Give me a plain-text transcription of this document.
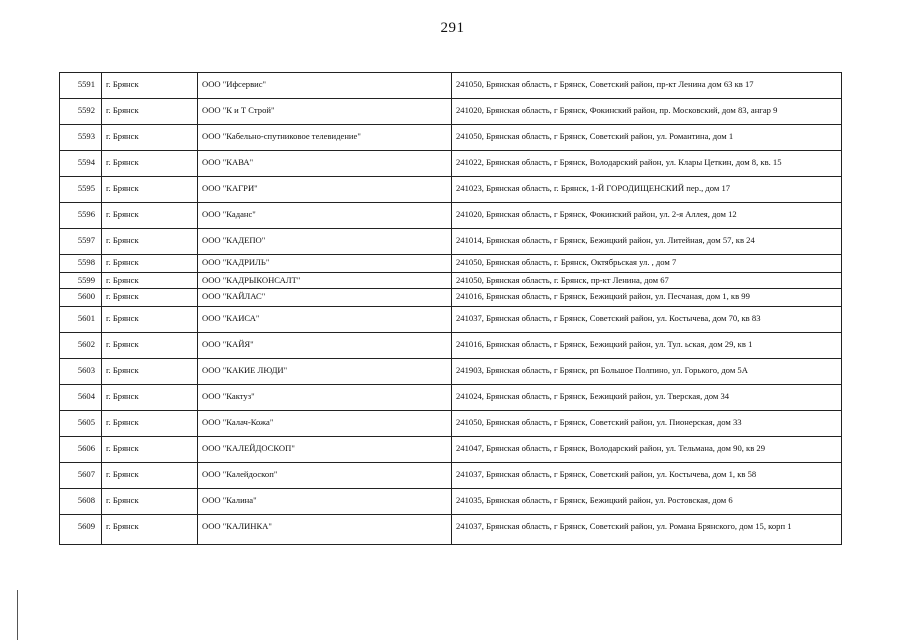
291
5591	г. Брянск	ООО "Ифсервис"	241050, Брянская область, г Брянск, Советский район, пр-кт Ленина дом 63 кв 17
5592	г. Брянск	ООО "К и Т Строй"	241020, Брянская область, г Брянск, Фокинский район, пр. Московский, дом 83, ангар 9
5593	г. Брянск	ООО "Кабельно-спутниковое телевидение"	241050, Брянская область, г Брянск, Советский район, ул. Романтина, дом 1
5594	г. Брянск	ООО "КАВА"	241022, Брянская область, г Брянск, Володарский район, ул. Клары Цеткин, дом 8, кв. 15
5595	г. Брянск	ООО "КАГРИ"	241023, Брянская область, г. Брянск, 1-Й ГОРОДИЩЕНСКИЙ пер., дом 17
5596	г. Брянск	ООО "Каданс"	241020, Брянская область, г Брянск, Фокинский район, ул. 2-я Аллея, дом 12
5597	г. Брянск	ООО "КАДЕПО"	241014, Брянская область, г Брянск, Бежицкий район, ул. Литейная, дом 57, кв 24
5598	г. Брянск	ООО "КАДРИЛЬ"	241050, Брянская область, г. Брянск, Октябрьская ул. , дом 7
5599	г. Брянск	ООО "КАДРЫКОНСАЛТ"	241050, Брянская область, г. Брянск, пр-кт Ленина, дом 67
5600	г. Брянск	ООО "КАЙЛАС"	241016, Брянская область, г Брянск, Бежицкий район, ул. Песчаная, дом 1, кв 99
5601	г. Брянск	ООО "КАИСА"	241037, Брянская область, г Брянск, Советский район, ул. Костычева, дом 70, кв 83
5602	г. Брянск	ООО "КАЙЯ"	241016, Брянская область, г Брянск, Бежицкий район, ул. Тул. ьская, дом 29, кв 1
5603	г. Брянск	ООО "КАКИЕ ЛЮДИ"	241903, Брянская область, г Брянск, рп Большое Полпино, ул. Горького, дом 5А
5604	г. Брянск	ООО "Кактуз"	241024, Брянская область, г Брянск, Бежицкий район, ул. Тверская, дом 34
5605	г. Брянск	ООО "Калач-Кожа"	241050, Брянская область, г Брянск, Советский район, ул. Пионерская, дом 33
5606	г. Брянск	ООО "КАЛЕЙДОСКОП"	241047, Брянская область, г Брянск, Володарский район, ул. Тельмана, дом 90, кв 29
5607	г. Брянск	ООО "Калейдоскоп"	241037, Брянская область, г Брянск, Советский район, ул. Костычева, дом 1, кв 58
5608	г. Брянск	ООО "Калина"	241035, Брянская область, г Брянск, Бежицкий район, ул. Ростовская, дом 6
5609	г. Брянск	ООО "КАЛИНКА"	241037, Брянская область, г Брянск, Советский район, ул. Романа Брянского, дом 15, корп 1
